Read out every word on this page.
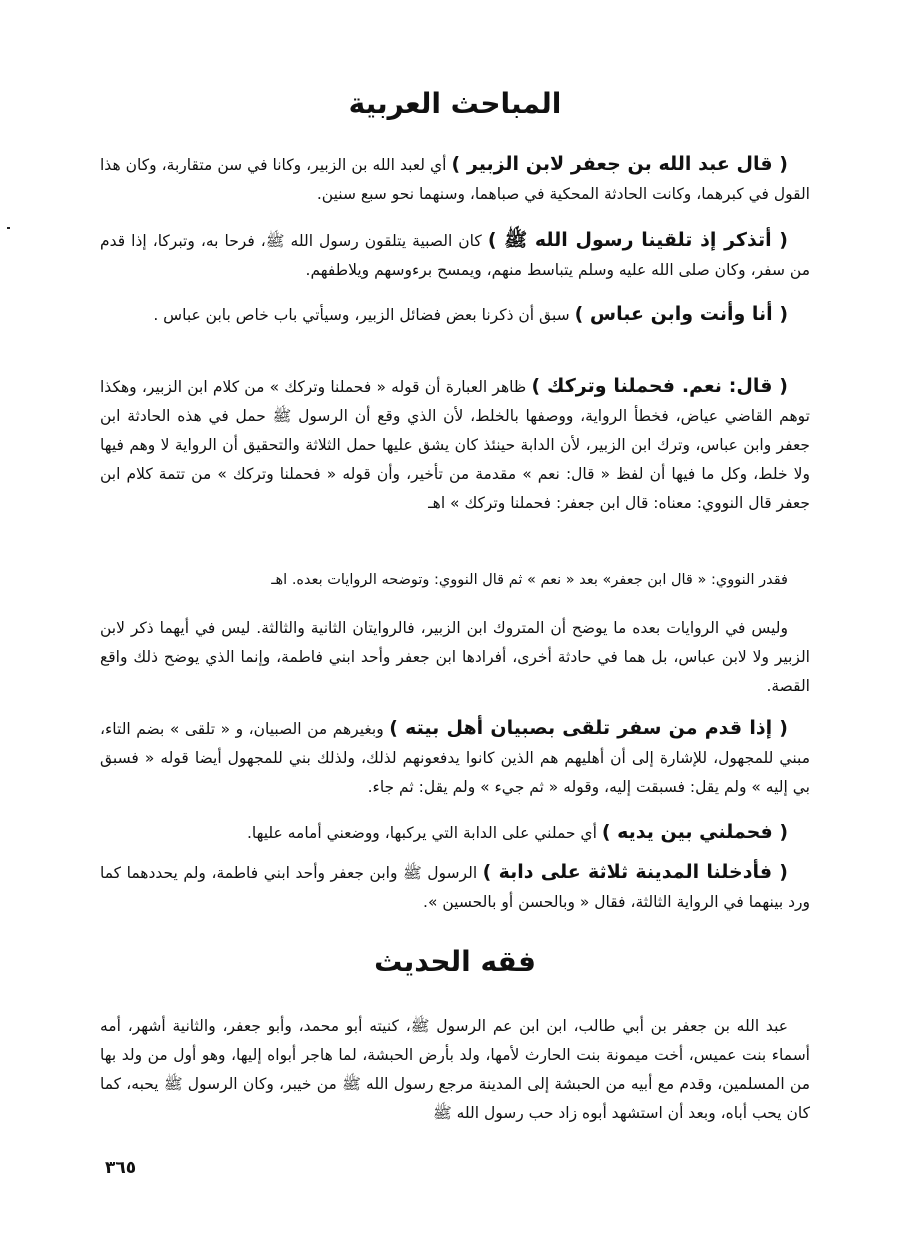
المباحث العربية

( قال عبد الله بن جعفر لابن الزبير ) أي لعبد الله بن الزبير، وكانا في سن متقاربة، وكان هذا القول في كبرهما، وكانت الحادثة المحكية في صباهما، وسنهما نحو سبع سنين.

( أتذكر إذ تلقينا رسول الله ﷺ ) كان الصبية يتلقون رسول الله ﷺ، فرحا به، وتبركا، إذا قدم من سفر، وكان صلى الله عليه وسلم يتباسط منهم، ويمسح برءوسهم ويلاطفهم.

( أنا وأنت وابن عباس ) سبق أن ذكرنا بعض فضائل الزبير، وسيأتي باب خاص بابن عباس .

( قال: نعم. فحملنا وتركك ) ظاهر العبارة أن قوله « فحملنا وتركك » من كلام ابن الزبير، وهكذا توهم القاضي عياض، فخطأ الرواية، ووصفها بالخلط، لأن الذي وقع أن الرسول ﷺ حمل في هذه الحادثة ابن جعفر وابن عباس، وترك ابن الزبير، لأن الدابة حينئذ كان يشق عليها حمل الثلاثة والتحقيق أن الرواية لا وهم فيها ولا خلط، وكل ما فيها أن لفظ « قال: نعم » مقدمة من تأخير، وأن قوله « فحملنا وتركك » من تتمة كلام ابن جعفر قال النووي: معناه: قال ابن جعفر: فحملنا وتركك » اهـ

فقدر النووي: « قال ابن جعفر» بعد « نعم » ثم قال النووي: وتوضحه الروايات بعده. اهـ

وليس في الروايات بعده ما يوضح أن المتروك ابن الزبير، فالروايتان الثانية والثالثة. ليس في أيهما ذكر لابن الزبير ولا لابن عباس، بل هما في حادثة أخرى، أفرادها ابن جعفر وأحد ابني فاطمة، وإنما الذي يوضح ذلك واقع القصة.

( إذا قدم من سفر تلقى بصبيان أهل بيته ) وبغيرهم من الصبيان، و « تلقى » بضم التاء، مبني للمجهول، للإشارة إلى أن أهليهم هم الذين كانوا يدفعونهم لذلك، ولذلك بني للمجهول أيضا قوله « فسبق بي إليه » ولم يقل: فسبقت إليه، وقوله « ثم جيء » ولم يقل: ثم جاء.

( فحملني بين يديه ) أي حملني على الدابة التي يركبها، ووضعني أمامه عليها.

( فأدخلنا المدينة ثلاثة على دابة ) الرسول ﷺ وابن جعفر وأحد ابني فاطمة، ولم يحددهما كما ورد بينهما في الرواية الثالثة، فقال « وبالحسن أو بالحسين ».

فقه الحديث

عبد الله بن جعفر بن أبي طالب، ابن ابن عم الرسول ﷺ، كنيته أبو محمد، وأبو جعفر، والثانية أشهر، أمه أسماء بنت عميس، أخت ميمونة بنت الحارث لأمها، ولد بأرض الحبشة، لما هاجر أبواه إليها، وهو أول من ولد بها من المسلمين، وقدم مع أبيه من الحبشة إلى المدينة مرجع رسول الله ﷺ من خيبر، وكان الرسول ﷺ يحبه، كما كان يحب أباه، وبعد أن استشهد أبوه زاد حب رسول الله ﷺ

٣٦٥
